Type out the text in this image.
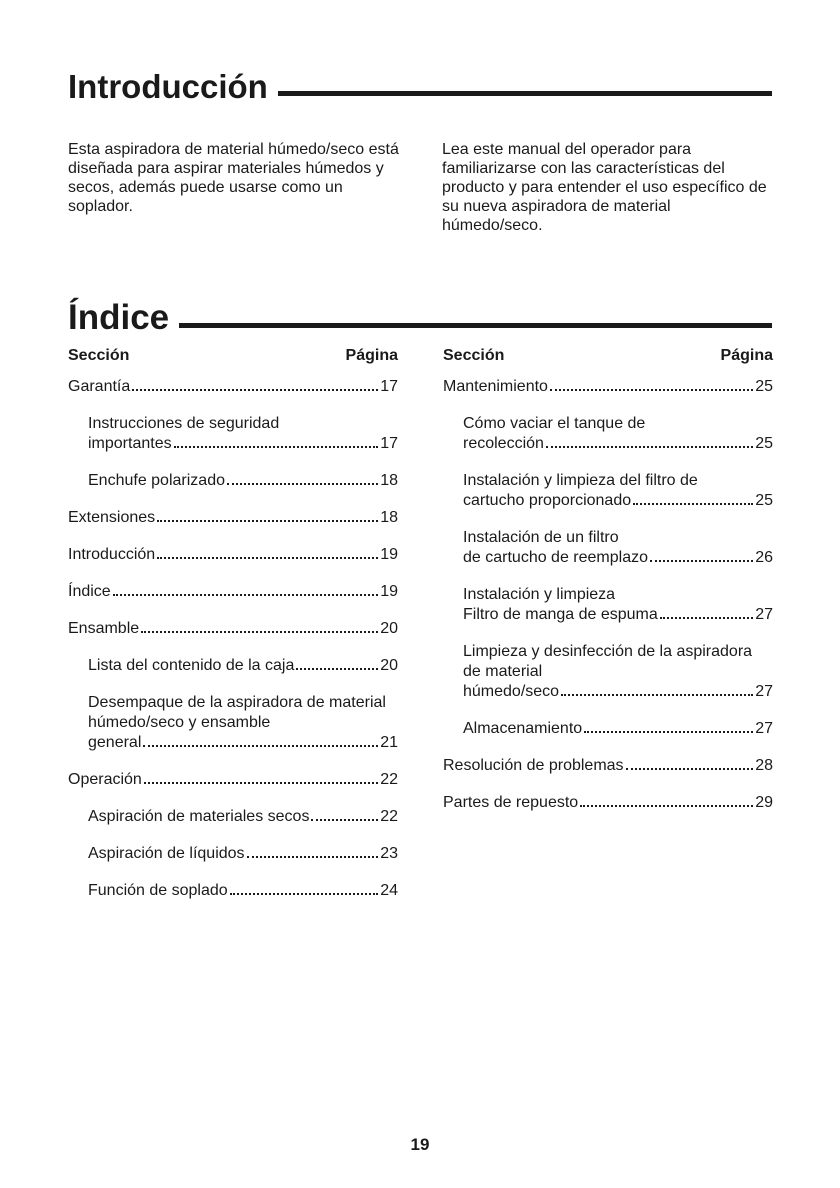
Introducción

Esta aspiradora de material húmedo/seco está diseñada para aspirar materiales húmedos y secos, además puede usarse como un soplador.

Lea este manual del operador para familiarizarse con las características del producto y para entender el uso específico de su nueva aspiradora de material húmedo/seco.

Índice
Sección	Página
Garantía	17
Instrucciones de seguridad
importantes	17
Enchufe polarizado	18
Extensiones	18
Introducción	19
Índice	19
Ensamble	20
Lista del contenido de la caja	20
Desempaque de la aspiradora de material húmedo/seco y ensamble
general	21
Operación	22
Aspiración de materiales secos	22
Aspiración de líquidos	23
Función de soplado	24
Sección	Página
Mantenimiento	25
Cómo vaciar el tanque de
recolección	25
Instalación y limpieza del filtro de
cartucho proporcionado	25
Instalación de un filtro
de cartucho de reemplazo	26
Instalación y limpieza
Filtro de manga de espuma	27
Limpieza y desinfección de la aspiradora de material
húmedo/seco	27
Almacenamiento	27
Resolución de problemas	28
Partes de repuesto	29
19
